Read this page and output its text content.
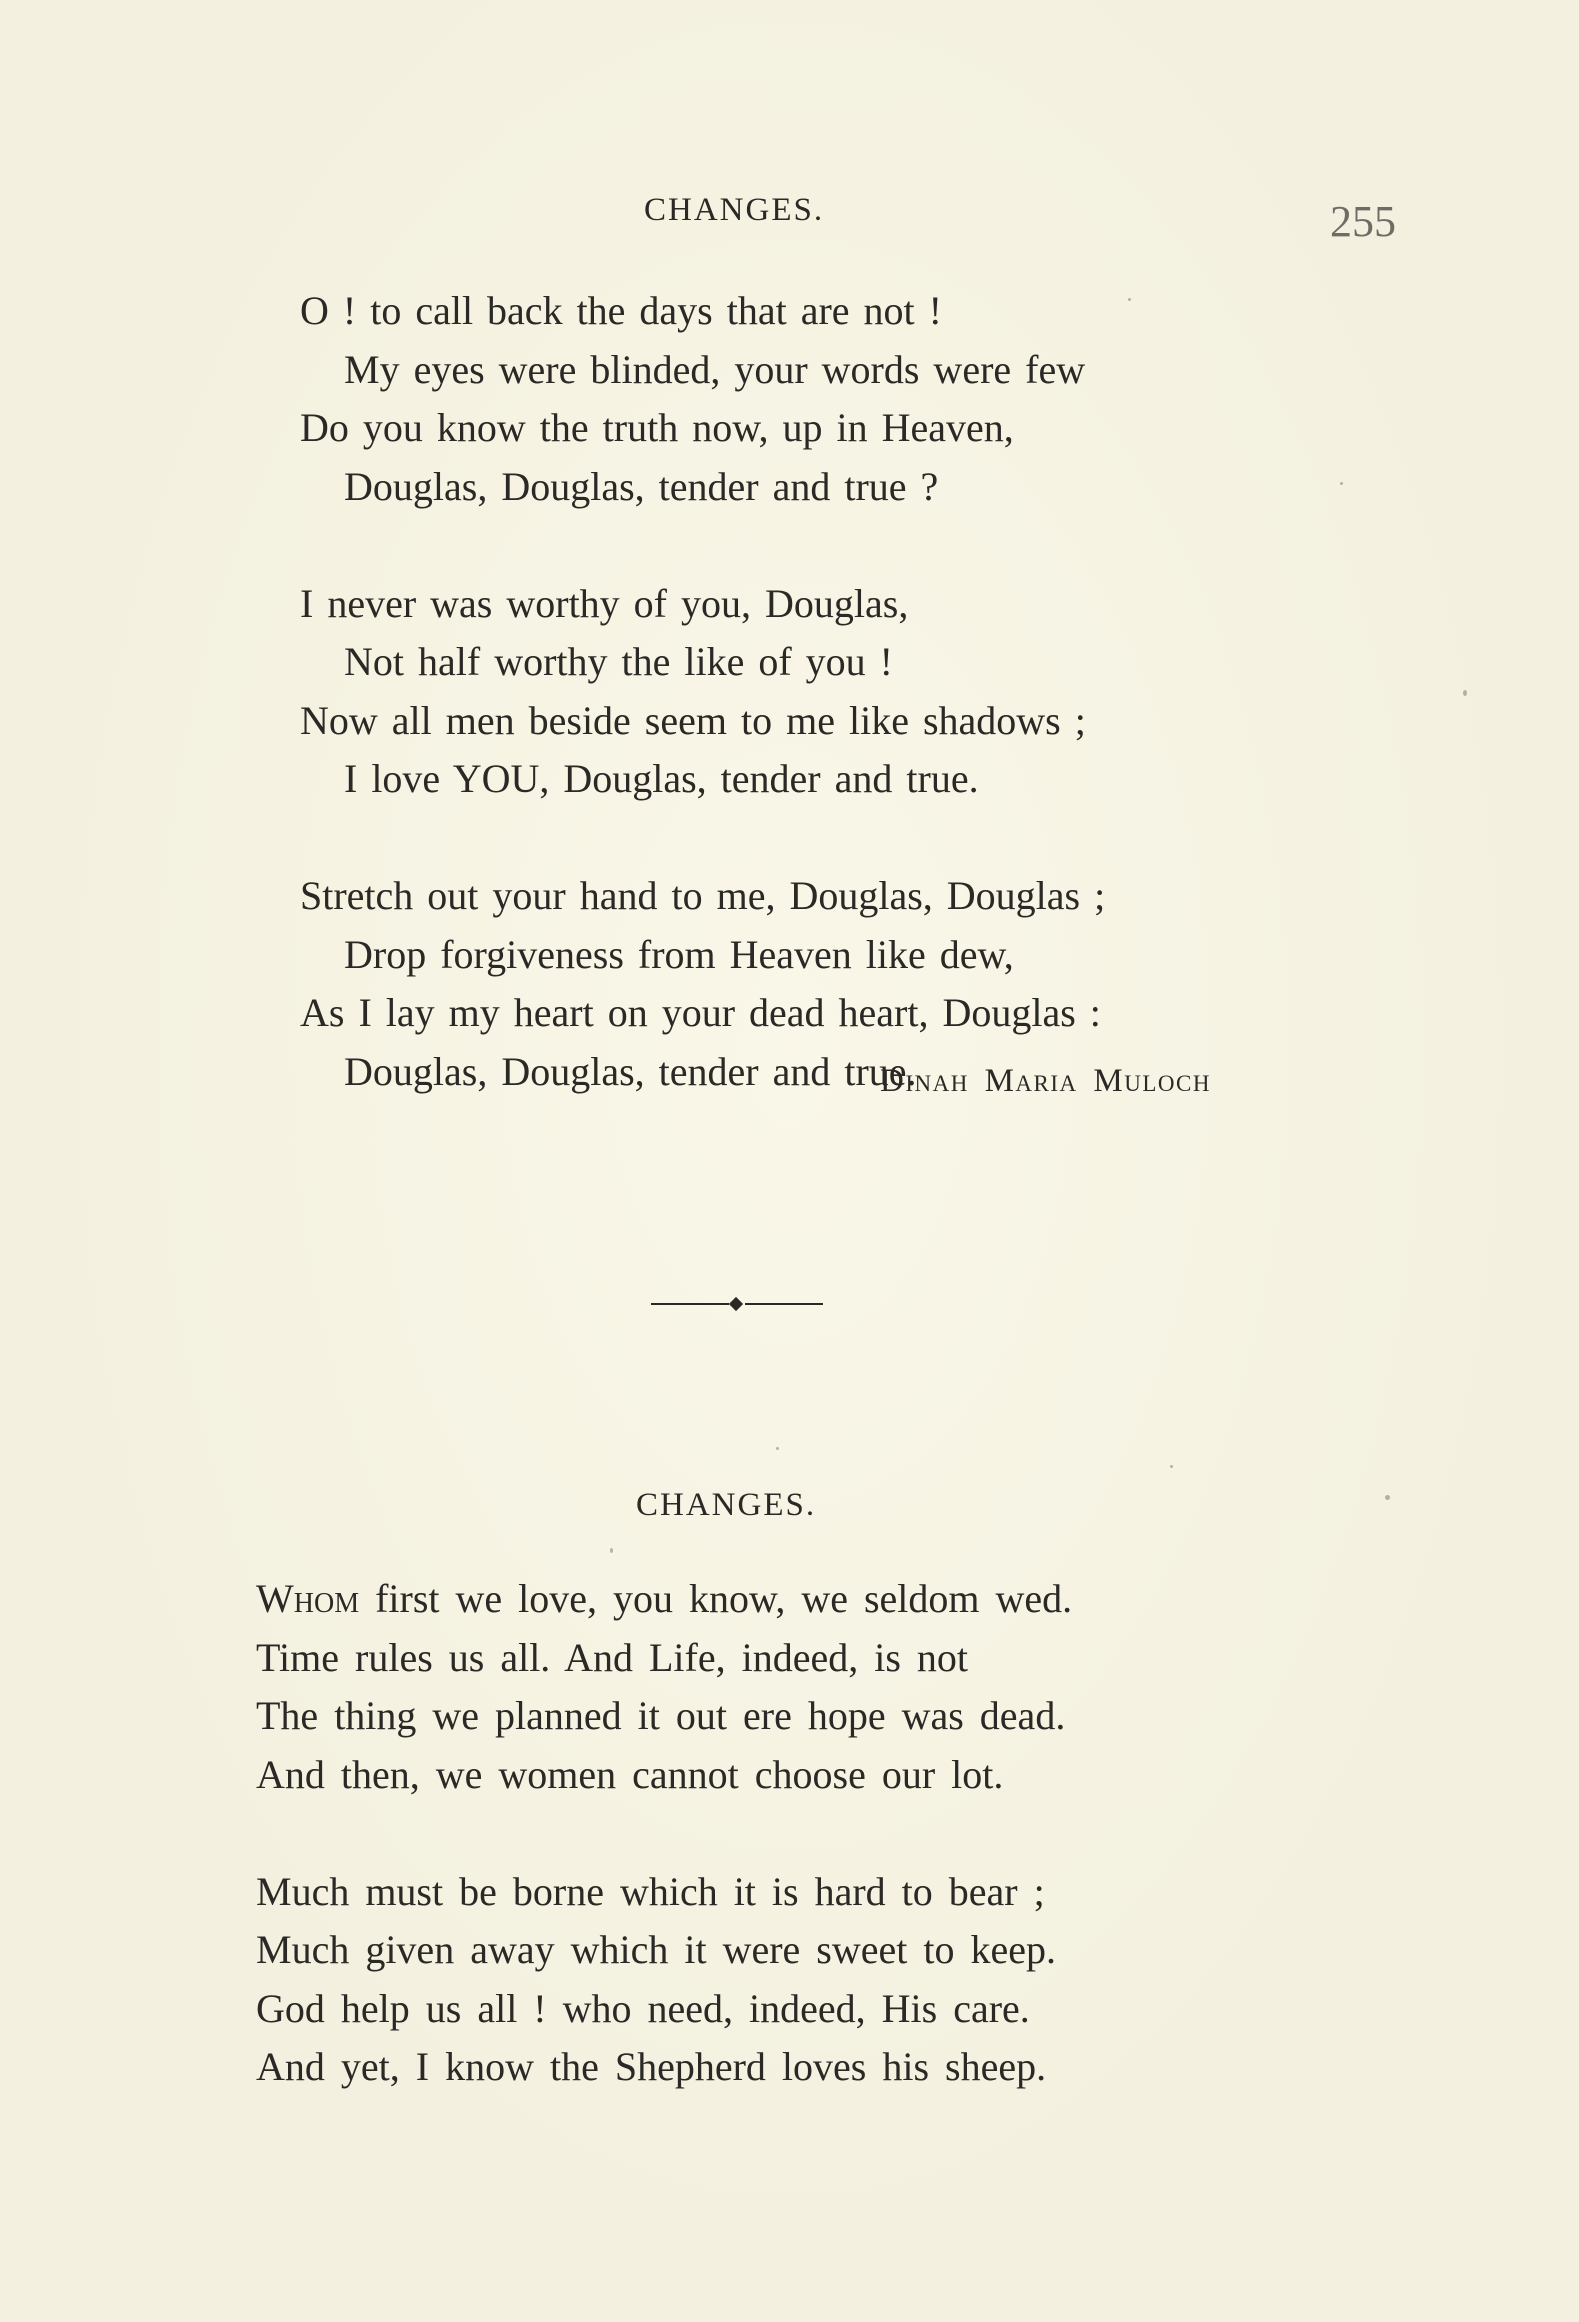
CHANGES.	255
O ! to call back the days that are not !
My eyes were blinded, your words were few
Do you know the truth now, up in Heaven,
Douglas, Douglas, tender and true ?
I never was worthy of you, Douglas,
Not half worthy the like of you !
Now all men beside seem to me like shadows ;
I love YOU, Douglas, tender and true.
Stretch out your hand to me, Douglas, Douglas ;
Drop forgiveness from Heaven like dew,
As I lay my heart on your dead heart, Douglas :
Douglas, Douglas, tender and true.
Dinah Maria Muloch
CHANGES.
Whom first we love, you know, we seldom wed.
Time rules us all. And Life, indeed, is not
The thing we planned it out ere hope was dead.
And then, we women cannot choose our lot.
Much must be borne which it is hard to bear ;
Much given away which it were sweet to keep.
God help us all ! who need, indeed, His care.
And yet, I know the Shepherd loves his sheep.
